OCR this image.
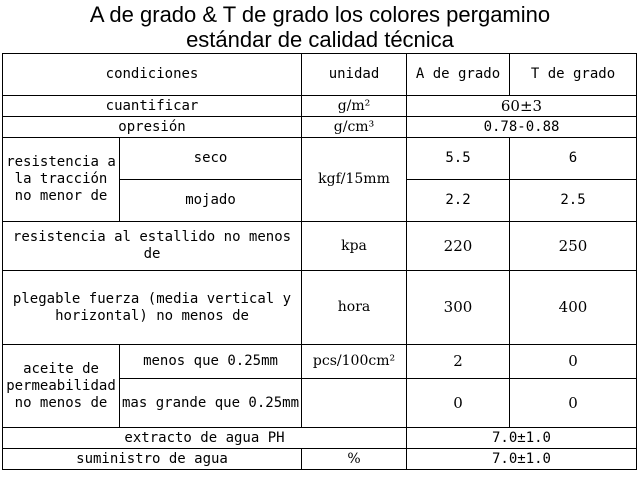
A de grado & T de grado los colores pergamino
estándar de calidad técnica
condiciones		unidad	A de grado	T de grado
cuantificar		g/m²	60±3	
opresión		g/cm³	0.78-0.88	
resistencia a la tracción no menor de	seco	kgf/15mm	5.5	6
	mojado		2.2	2.5
resistencia al estallido no menos de		kpa	220	250
plegable fuerza (media vertical y horizontal) no menos de		hora	300	400
aceite de permeabilidad no menos de	menos que 0.25mm	pcs/100cm²	2	0
	mas grande que 0.25mm		0	0
extracto de agua PH			7.0±1.0	
suministro de agua		%	7.0±1.0	
